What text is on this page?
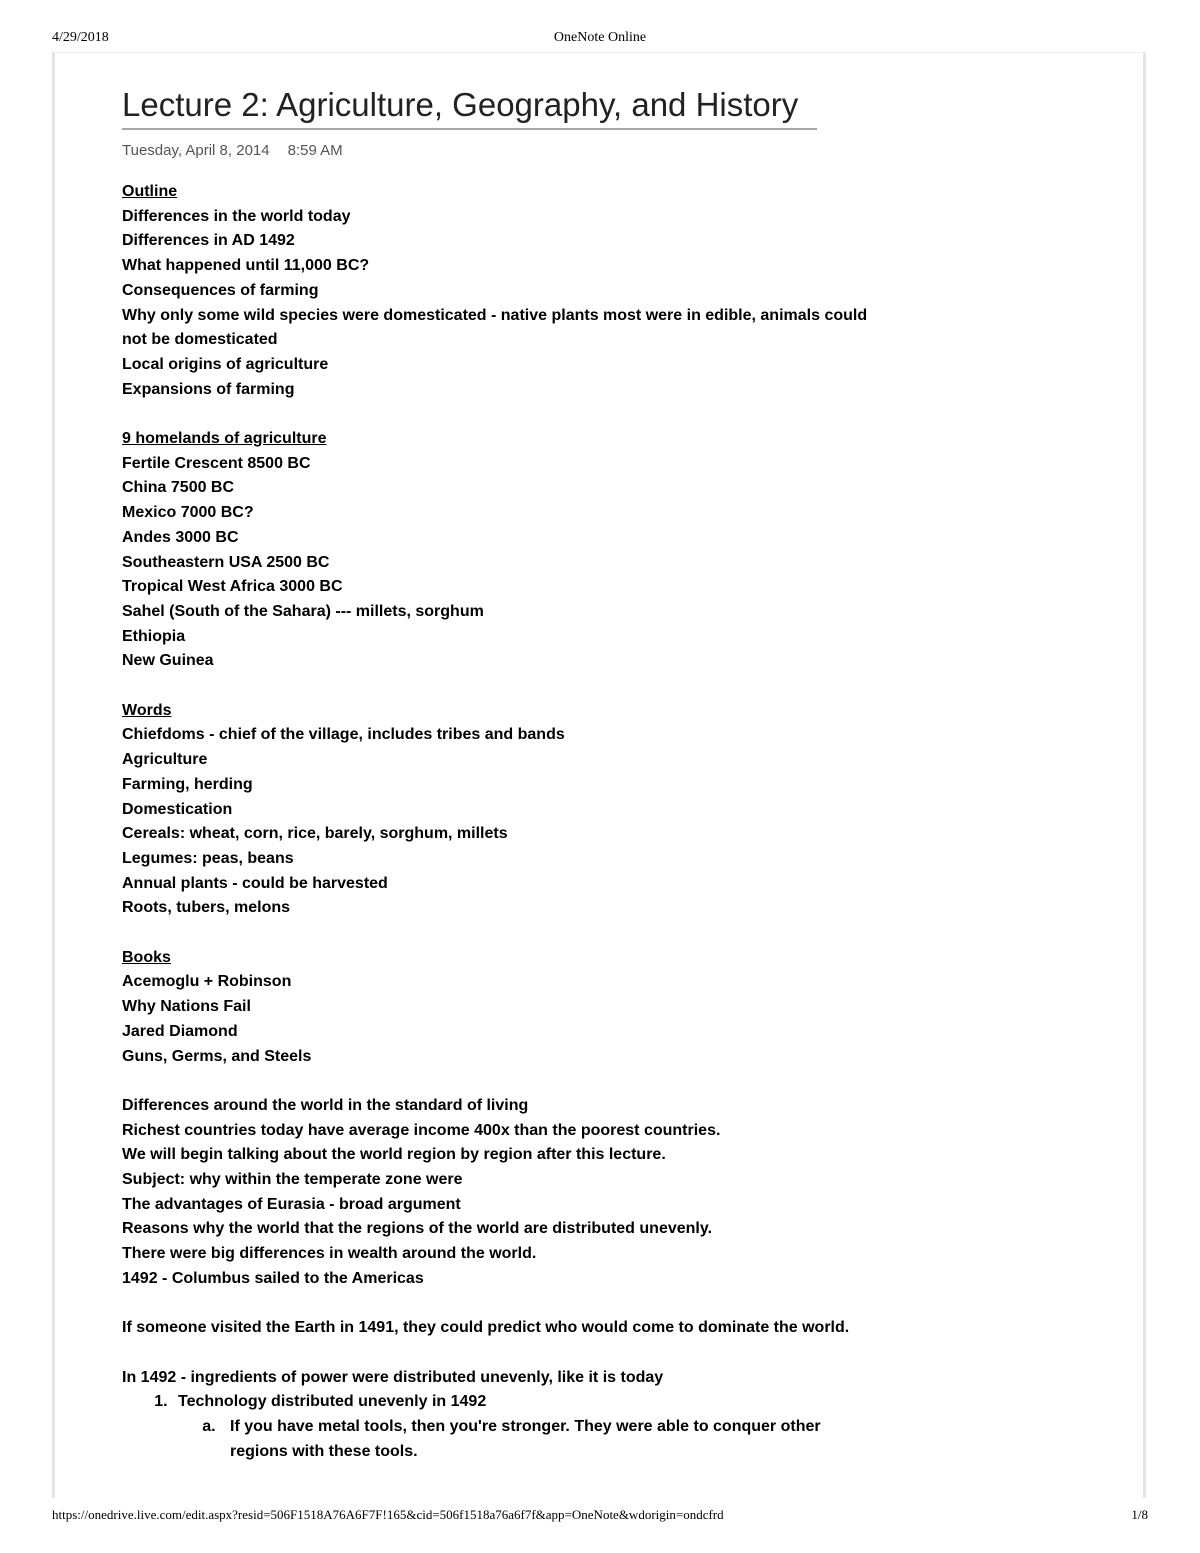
4/29/2018	OneNote Online
Lecture 2: Agriculture, Geography, and History
Tuesday, April 8, 2014 8:59 AM
Outline
Differences in the world today
Differences in AD 1492
What happened until 11,000 BC?
Consequences of farming
Why only some wild species were domesticated - native plants most were in edible, animals could not be domesticated
Local origins of agriculture
Expansions of farming
9 homelands of agriculture
Fertile Crescent 8500 BC
China 7500 BC
Mexico 7000 BC?
Andes 3000 BC
Southeastern USA 2500 BC
Tropical West Africa 3000 BC
Sahel (South of the Sahara) --- millets, sorghum
Ethiopia
New Guinea
Words
Chiefdoms - chief of the village, includes tribes and bands
Agriculture
Farming, herding
Domestication
Cereals: wheat, corn, rice, barely, sorghum, millets
Legumes: peas, beans
Annual plants - could be harvested
Roots, tubers, melons
Books
Acemoglu + Robinson
Why Nations Fail
Jared Diamond
Guns, Germs, and Steels
Differences around the world in the standard of living
Richest countries today have average income 400x than the poorest countries.
We will begin talking about the world region by region after this lecture.
Subject: why within the temperate zone were
The advantages of Eurasia - broad argument
Reasons why the world that the regions of the world are distributed unevenly.
There were big differences in wealth around the world.
1492 - Columbus sailed to the Americas
If someone visited the Earth in 1491, they could predict who would come to dominate the world.
In 1492 - ingredients of power were distributed unevenly, like it is today
1. Technology distributed unevenly in 1492
a. If you have metal tools, then you're stronger. They were able to conquer other regions with these tools.
https://onedrive.live.com/edit.aspx?resid=506F1518A76A6F7F!165&cid=506f1518a76a6f7f&app=OneNote&wdorigin=ondcfrd	1/8
